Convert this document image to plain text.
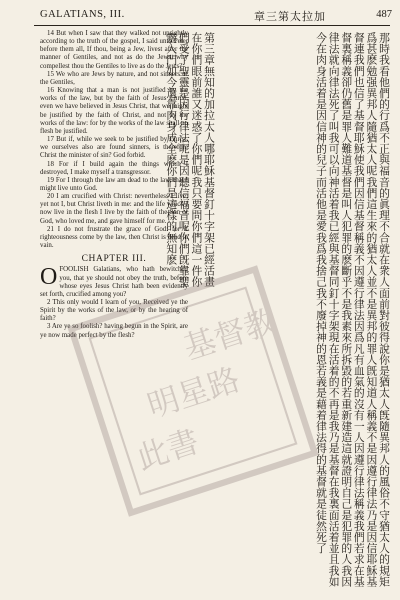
GALATIANS, III.	章三第太拉加	487

14 But when I saw that they walked not uprightly according to the truth of the gospel, I said unto Peter before them all, If thou, being a Jew, livest after the manner of Gentiles, and not as do the Jews, why compellest thou the Gentiles to live as do the Jews?

15 We who are Jews by nature, and not sinners of the Gentiles,

16 Knowing that a man is not justified by the works of the law, but by the faith of Jesus Christ, even we have believed in Jesus Christ, that we might be justified by the faith of Christ, and not by the works of the law: for by the works of the law shall no flesh be justified.

17 But if, while we seek to be justified by Christ, we ourselves also are found sinners, is therefore Christ the minister of sin? God forbid.

18 For if I build again the things which I destroyed, I make myself a transgressor.

19 For I through the law am dead to the law, that I might live unto God.

20 I am crucified with Christ: nevertheless I live; yet not I, but Christ liveth in me: and the life which I now live in the flesh I live by the faith of the Son of God, who loved me, and gave himself for me.

21 I do not frustrate the grace of God: for if righteousness come by the law, then Christ is dead in vain.

CHAPTER III.

OFOOLISH Galatians, who hath bewitched you, that ye should not obey the truth, before whose eyes Jesus Christ hath been evidently set forth, crucified among you?

2 This only would I learn of you, Received ye the Spirit by the works of the law, or by the hearing of faith?

3 Are ye so foolish? having begun in the Spirit, are ye now made perfect by the flesh?	那時我看他們的行爲不正與福音的眞理不合就在衆人面前對彼得說你是猶太人旣隨異邦人的風俗不守猶太人的規矩爲甚麽勉强異邦人隨猶太人呢我們這生來的猶太人並不是異邦的罪人旣知道人稱義不是因遵行律法乃是因信耶穌基督連我們也信了基督耶穌使我們因信基督稱義不因遵行律法因爲凡有血氣的沒有一人因遵行律法稱義我們若求在基督裏稱義卻仍舊是罪人難道基督是叫人犯罪的麽斷乎不是我素來所拆毀的若重新建造這就證明自己是犯罪的人我因律法就向律法死了叫我可以向神活着我已經與基督同釘十字架現在活着的不再是我乃是基督在我裏面活着並且我如今在肉身活着是因信神的兒子而活他是愛我爲我捨己我不廢掉神的恩若義是藉着律法得的基督就是徒然死了

第三章無知的加拉太人哪耶穌基督釘十字架已經活畫在你們眼前誰又迷惑了你們呢我只要問你們這一件你們受了聖靈是因行律法呢是因聽信福音呢你們旣靠聖靈入門如今還靠肉身成全麽你們是這樣的無知麽

基督教
明星路
此書
